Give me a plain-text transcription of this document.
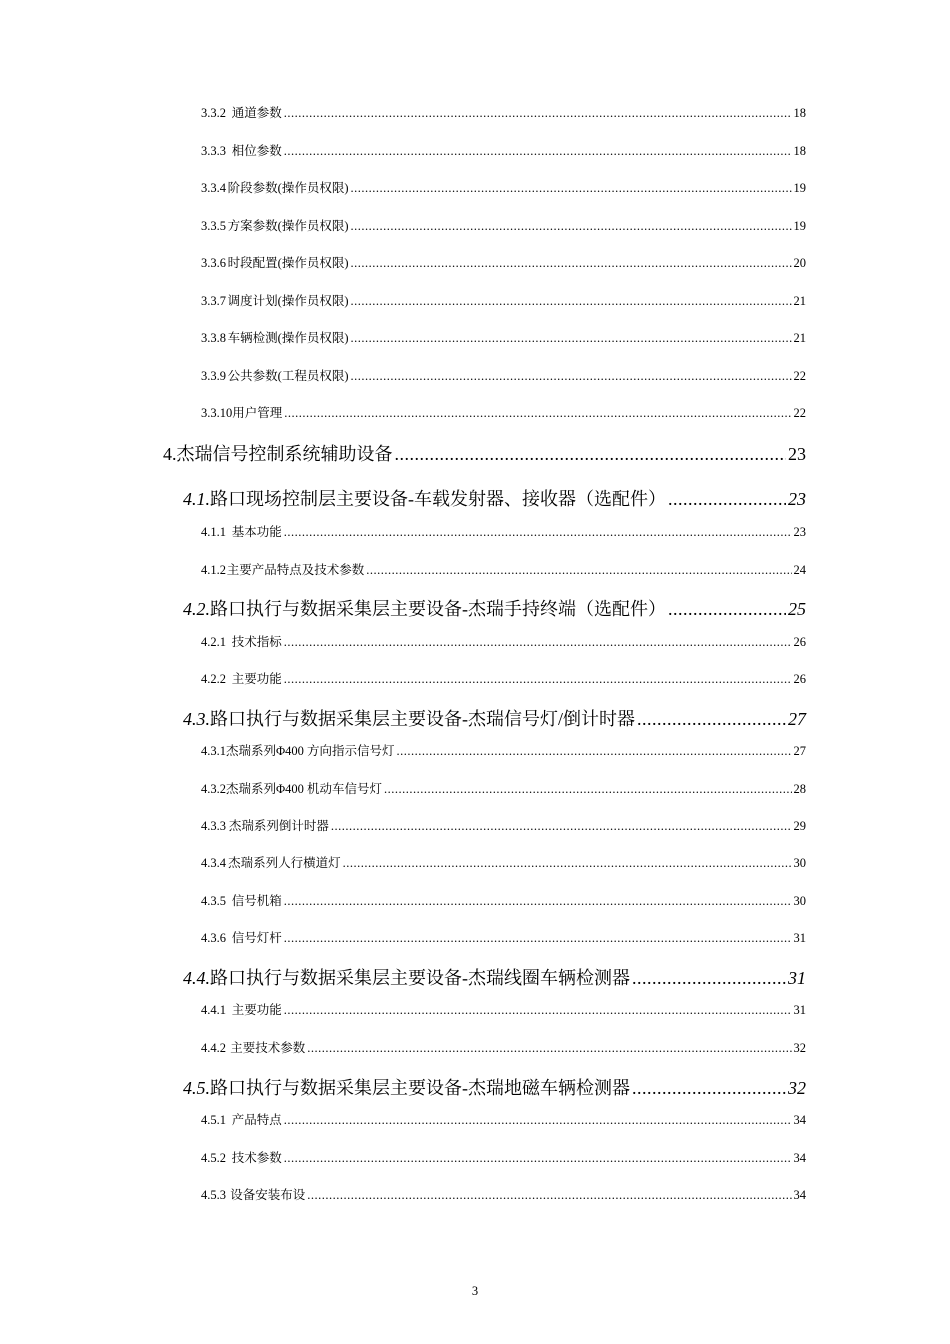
3.3.2 通道参数 .....	18
3.3.3 相位参数 .....	18
3.3.4 阶段参数(操作员权限) .....	19
3.3.5 方案参数(操作员权限) .....	19
3.3.6 时段配置(操作员权限) .....	20
3.3.7 调度计划(操作员权限) .....	21
3.3.8 车辆检测(操作员权限) .....	21
3.3.9 公共参数(工程员权限) .....	22
3.3.10 用户管理 .....	22
4. 杰瑞信号控制系统辅助设备 .....	23
4.1. 路口现场控制层主要设备-车载发射器、接收器（选配件） .....	23
4.1.1 基本功能 .....	23
4.1.2 主要产品特点及技术参数 .....	24
4.2. 路口执行与数据采集层主要设备-杰瑞手持终端（选配件） .....	25
4.2.1 技术指标 .....	26
4.2.2 主要功能 .....	26
4.3. 路口执行与数据采集层主要设备-杰瑞信号灯/倒计时器 .....	27
4.3.1 杰瑞系列Φ400 方向指示信号灯 .....	27
4.3.2 杰瑞系列Φ400 机动车信号灯 .....	28
4.3.3 杰瑞系列倒计时器 .....	29
4.3.4 杰瑞系列人行横道灯 .....	30
4.3.5 信号机箱 .....	30
4.3.6 信号灯杆 .....	31
4.4. 路口执行与数据采集层主要设备-杰瑞线圈车辆检测器 .....	31
4.4.1 主要功能 .....	31
4.4.2 主要技术参数 .....	32
4.5. 路口执行与数据采集层主要设备-杰瑞地磁车辆检测器 .....	32
4.5.1 产品特点 .....	34
4.5.2 技术参数 .....	34
4.5.3 设备安装布设 .....	34
3
